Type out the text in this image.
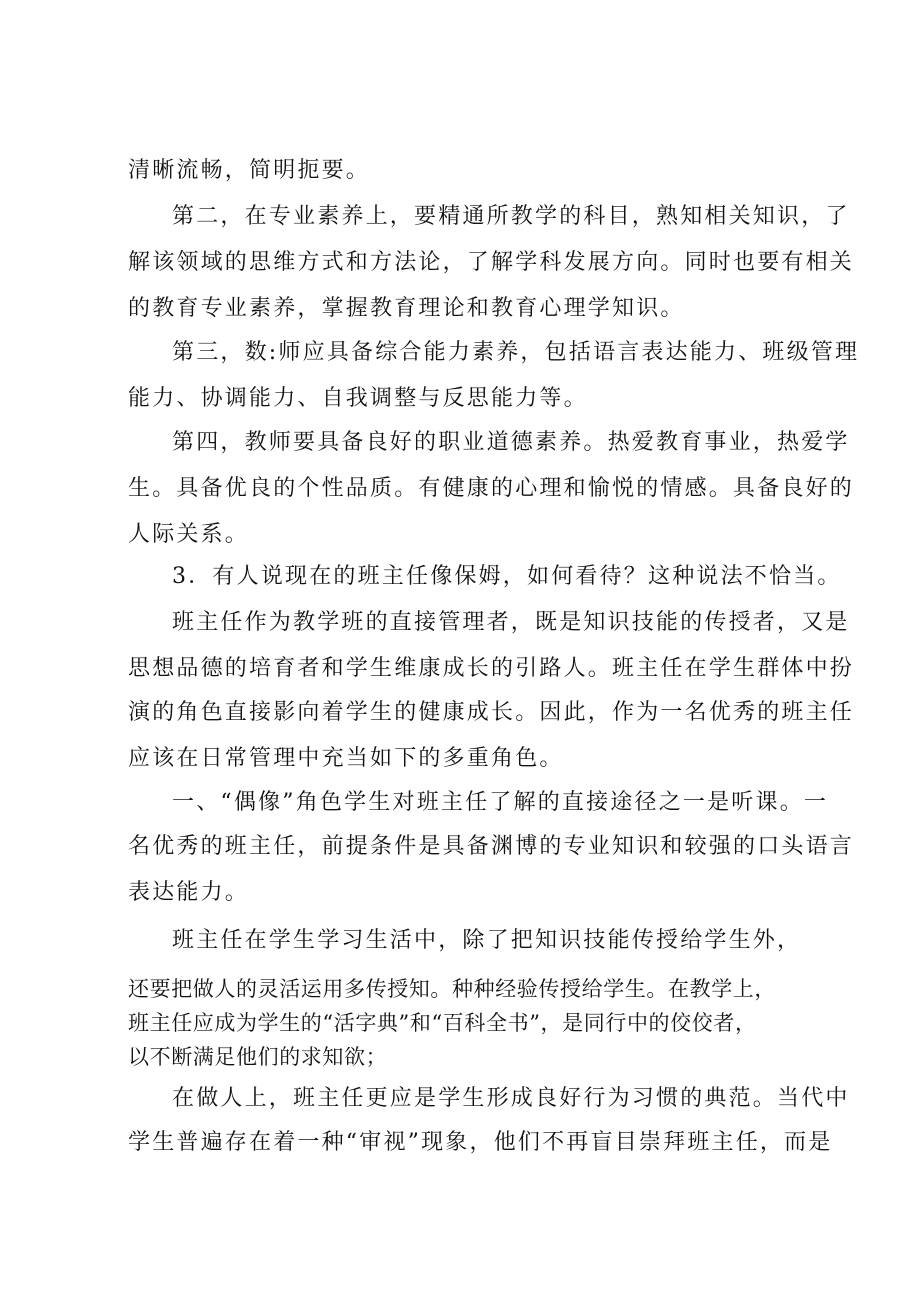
清晰流畅，简明扼要。
第二，在专业素养上，要精通所教学的科目，熟知相关知识，了
解该领域的思维方式和方法论，了解学科发展方向。同时也要有相关
的教育专业素养，掌握教育理论和教育心理学知识。
第三，数:师应具备综合能力素养，包括语言表达能力、班级管理
能力、协调能力、自我调整与反思能力等。
第四，教师要具备良好的职业道德素养。热爱教育事业，热爱学
生。具备优良的个性品质。有健康的心理和愉悦的情感。具备良好的
人际关系。
3．有人说现在的班主任像保姆，如何看待？这种说法不恰当。
班主任作为教学班的直接管理者，既是知识技能的传授者，又是
思想品德的培育者和学生维康成长的引路人。班主任在学生群体中扮
演的角色直接影向着学生的健康成长。因此，作为一名优秀的班主任
应该在日常管理中充当如下的多重角色。
一、“偶像”角色学生对班主任了解的直接途径之一是听课。一
名优秀的班主任，前提条件是具备渊博的专业知识和较强的口头语言
表达能力。
班主任在学生学习生活中，除了把知识技能传授给学生外，
还要把做人的灵活运用多传授知。种种经验传授给学生。在教学上，
班主任应成为学生的“活字典”和“百科全书”，是同行中的佼佼者，
以不断满足他们的求知欲；
在做人上，班主任更应是学生形成良好行为习惯的典范。当代中
学生普遍存在着一种“审视”现象，他们不再盲目崇拜班主任，而是
